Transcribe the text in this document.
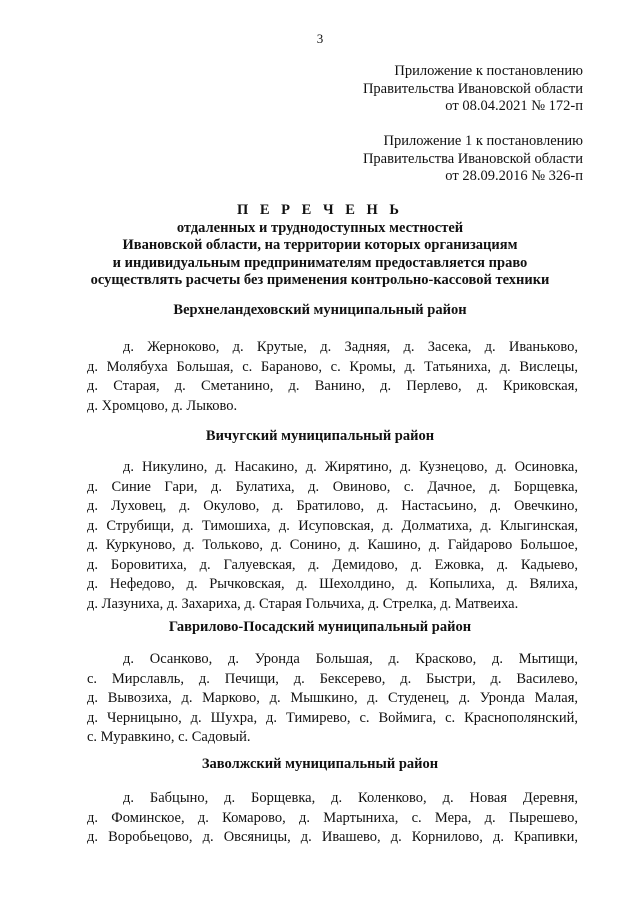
3
Приложение к постановлению
Правительства Ивановской области
от 08.04.2021 № 172-п
Приложение 1 к постановлению
Правительства Ивановской области
от 28.09.2016 № 326-п
П Е Р Е Ч Е Н Ь
отдаленных и труднодоступных местностей
Ивановской области, на территории которых организациям
и индивидуальным предпринимателям предоставляется право
осуществлять расчеты без применения контрольно-кассовой техники
Верхнеландеховский муниципальный район
д. Жерноково, д. Крутые, д. Задняя, д. Засека, д. Иваньково,
д. Молябуха Большая, с. Бараново, с. Кромы, д. Татьяниха, д. Вислецы,
д. Старая, д. Сметанино, д. Ванино, д. Перлево, д. Криковская,
д. Хромцово, д. Лыково.
Вичугский муниципальный район
д. Никулино, д. Насакино, д. Жирятино, д. Кузнецово, д. Осиновка,
д. Синие Гари, д. Булатиха, д. Овиново, с. Дачное, д. Борщевка,
д. Луховец, д. Окулово, д. Братилово, д. Настасьино, д. Овечкино,
д. Струбищи, д. Тимошиха, д. Исуповская, д. Долматиха, д. Клыгинская,
д. Куркуново, д. Толькoво, д. Сонино, д. Кашино, д. Гайдарово Большое,
д. Боровитиха, д. Галуевская, д. Демидово, д. Ежовка, д. Кадыево,
д. Нефедово, д. Рычковская, д. Шехолдино, д. Копылиха, д. Вялиха,
д. Лазуниха, д. Захариха, д. Старая Гольчиха, д. Стрелка, д. Матвеиха.
Гаврилово-Посадский муниципальный район
д. Осанково, д. Уронда Большая, д. Красково, д. Мытищи,
с. Мирславль, д. Печищи, д. Бексерево, д. Быстри, д. Василево,
д. Вывозиха, д. Марково, д. Мышкино, д. Студенец, д. Уронда Малая,
д. Черницыно, д. Шухра, д. Тимирево, с. Воймига, с. Краснополянский,
с. Муравкино, с. Садовый.
Заволжский муниципальный район
д. Бабцыно, д. Борщевка, д. Коленково, д. Новая Деревня,
д. Фоминское, д. Комарово, д. Мартыниха, с. Мера, д. Пырешево,
д. Воробьецово, д. Овсяницы, д. Ивашево, д. Корнилово, д. Крапивки,
